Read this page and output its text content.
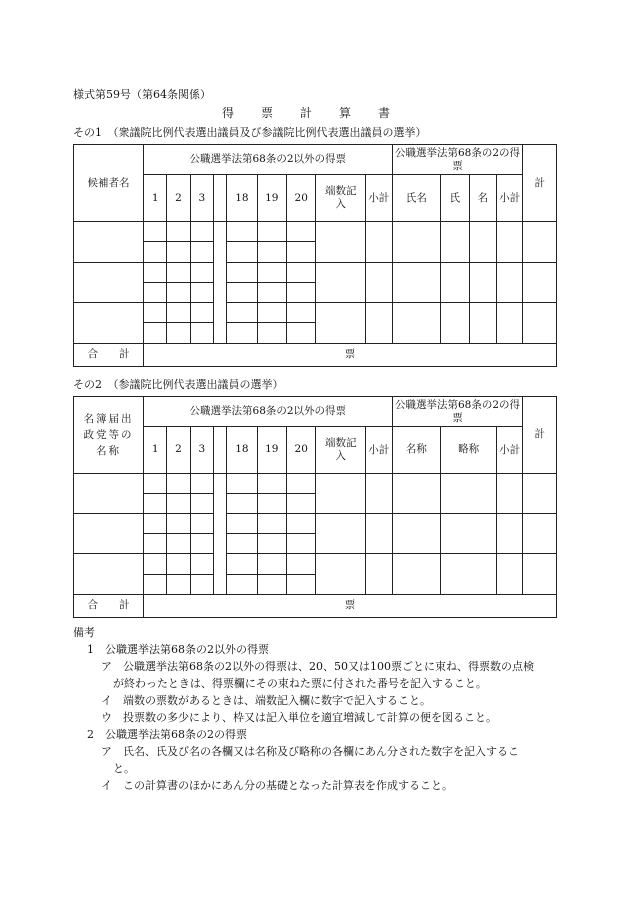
様式第59号（第64条関係）
得　　票　　計　　算　　書
その1　（衆議院比例代表選出議員及び参議院比例代表選出議員の選挙）
候補者名	公職選挙法第68条の2以外の得票									公職選挙法第68条の2の得票				計
	1	2	3		18	19	20	端数記入	小計	氏名	氏	名	小計	

合　　計	票													
その2　（参議院比例代表選出議員の選挙）
名簿届出政党等の名称	公職選挙法第68条の2以外の得票									公職選挙法第68条の2の得票			計
	1	2	3		18	19	20	端数記入	小計	名称	略称	小計	

合　　計	票												
備考
1　公職選挙法第68条の2以外の得票
ア　公職選挙法第68条の2以外の得票は、20、50又は100票ごとに束ね、得票数の点検
が終わったときは、得票欄にその束ねた票に付された番号を記入すること。
イ　端数の票数があるときは、端数記入欄に数字で記入すること。
ウ　投票数の多少により、枠又は記入単位を適宜増減して計算の便を図ること。
2　公職選挙法第68条の2の得票
ア　氏名、氏及び名の各欄又は名称及び略称の各欄にあん分された数字を記入するこ
と。
イ　この計算書のほかにあん分の基礎となった計算表を作成すること。
